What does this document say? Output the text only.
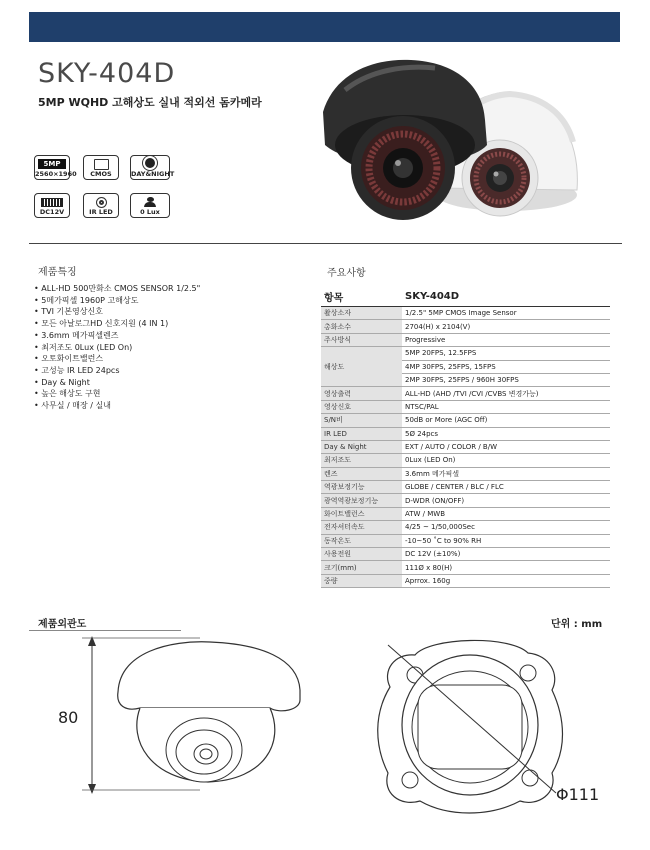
SKY-404D
5MP WQHD 고해상도 실내 적외선 돔카메라
5MP
2560×1960	CMOS	DAY&NIGHT
DC12V	IR LED	0 Lux
제품특징
• ALL-HD 500만화소 CMOS SENSOR 1/2.5"
• 5메가픽셀 1960P 고해상도
• TVI 기본영상신호
• 모든 아날로그HD 신호지원 (4 IN 1)
• 3.6mm 메가픽셀렌즈
• 최저조도 0Lux (LED On)
• 오토화이트밸런스
• 고성능 IR LED 24pcs
• Day & Night
• 높은 해상도 구현
• 사무실 / 매장 / 실내
주요사항
항목	SKY-404D
촬상소자	1/2.5" 5MP CMOS Image Sensor
총화소수	2704(H) x 2104(V)
주사방식	Progressive
해상도	5MP 20FPS, 12.5FPS
	4MP 30FPS, 25FPS, 15FPS
	2MP 30FPS, 25FPS / 960H 30FPS
영상출력	ALL-HD (AHD /TVI /CVI /CVBS 변경가능)
영상신호	NTSC/PAL
S/N비	50dB or More (AGC Off)
IR LED	5Ø 24pcs
Day & Night	EXT / AUTO / COLOR / B/W
최저조도	0Lux (LED On)
렌즈	3.6mm 메가픽셀
역광보정기능	GLOBE / CENTER / BLC / FLC
광역역광보정기능	D-WDR (ON/OFF)
화이트밸런스	ATW / MWB
전자셔터속도	4/25 ~ 1/50,000Sec
동작온도	-10~50 ˚C to 90% RH
사용전원	DC 12V (±10%)
크기(mm)	111Ø x 80(H)
중량	Aprrox. 160g
제품외관도	단위 : mm
80
Φ111
